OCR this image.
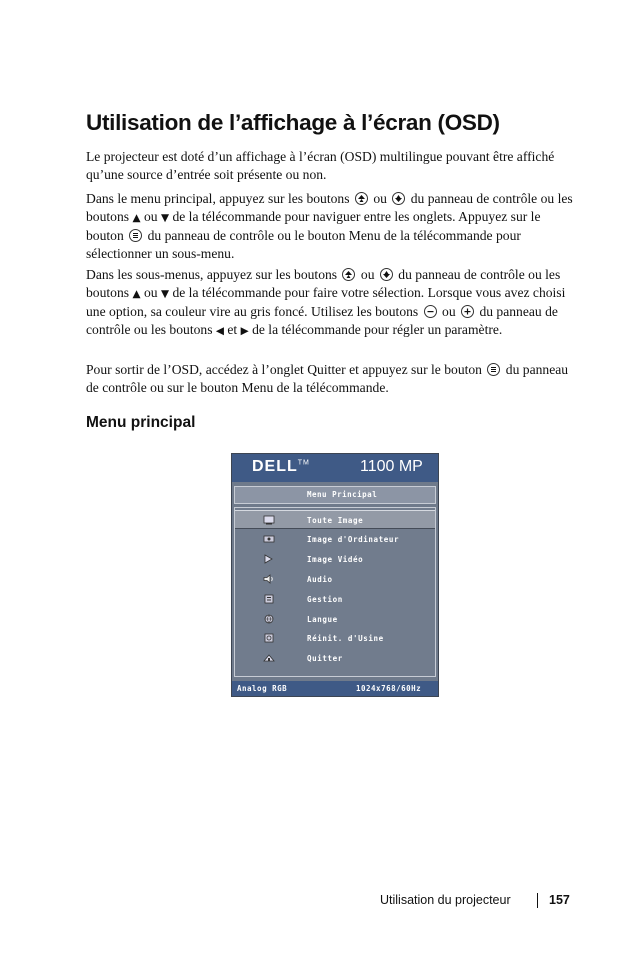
Utilisation de l’affichage à l’écran (OSD)

Le projecteur est doté d’un affichage à l’écran (OSD) multilingue pouvant être affiché qu’une source d’entrée soit présente ou non.

Dans le menu principal, appuyez sur les boutons ou du panneau de contrôle ou les boutons ▲ ou ▼ de la télécommande pour naviguer entre les onglets. Appuyez sur le bouton du panneau de contrôle ou le bouton Menu de la télécommande pour sélectionner un sous-menu.

Dans les sous-menus, appuyez sur les boutons ou du panneau de contrôle ou les boutons ▲ ou ▼ de la télécommande pour faire votre sélection. Lorsque vous avez choisi une option, sa couleur vire au gris foncé. Utilisez les boutons ou du panneau de contrôle ou les boutons ◀ et ▶ de la télécommande pour régler un paramètre.

Pour sortir de l’OSD, accédez à l’onglet Quitter et appuyez sur le bouton du panneau de contrôle ou sur le bouton Menu de la télécommande.

Menu principal
DELL™	1100 MP
Menu Principal
Toute Image
Image d'Ordinateur
Image Vidéo
Audio
Gestion
Langue
Réinit. d'Usine
Quitter
Analog RGB	1024x768/60Hz
Utilisation du projecteur	157
